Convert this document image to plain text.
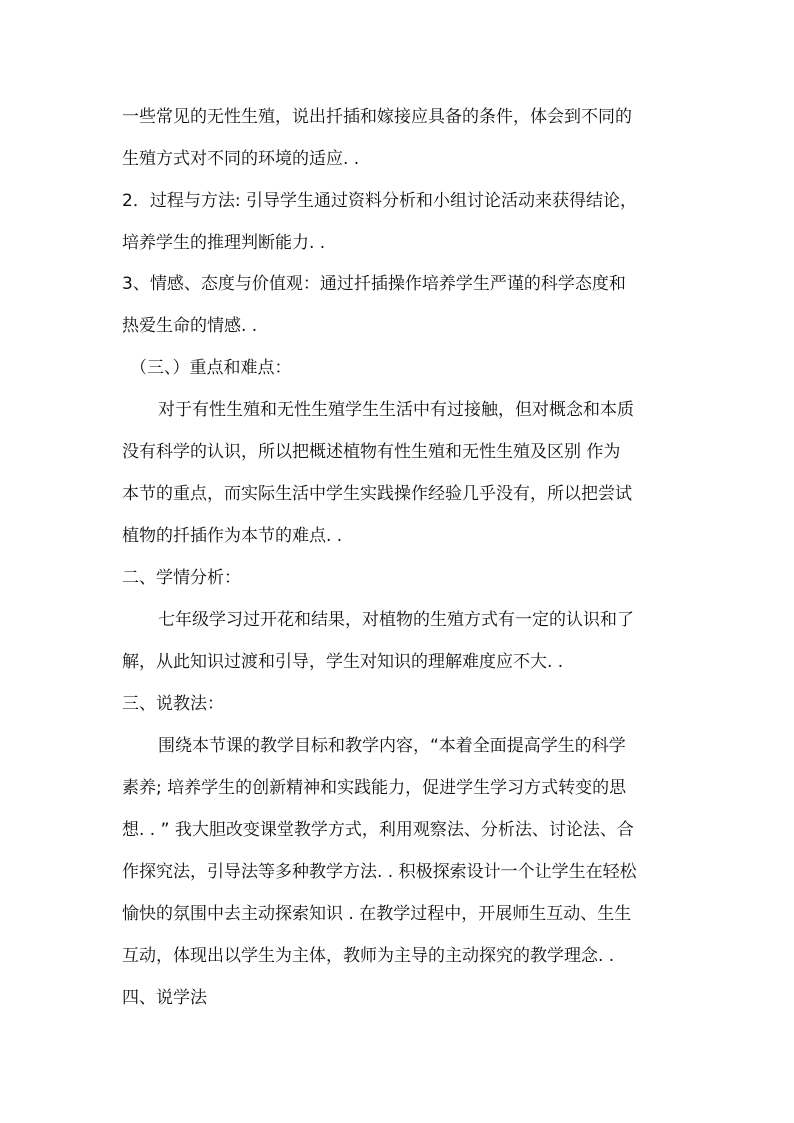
一些常见的无性生殖，说出扦插和嫁接应具备的条件，体会到不同的
生殖方式对不同的环境的适应. .
2．过程与方法: 引导学生通过资料分析和小组讨论活动来获得结论，
培养学生的推理判断能力. .
3、情感、态度与价值观：通过扦插操作培养学生严谨的科学态度和
热爱生命的情感. .
（三、）重点和难点：
对于有性生殖和无性生殖学生生活中有过接触，但对概念和本质
没有科学的认识，所以把概述植物有性生殖和无性生殖及区别 作为
本节的重点，而实际生活中学生实践操作经验几乎没有，所以把尝试
植物的扦插作为本节的难点. .
二、学情分析：
七年级学习过开花和结果，对植物的生殖方式有一定的认识和了
解，从此知识过渡和引导，学生对知识的理解难度应不大. .
三、说教法：
围绕本节课的教学目标和教学内容，“本着全面提高学生的科学
素养; 培养学生的创新精神和实践能力，促进学生学习方式转变的思
想. . ” 我大胆改变课堂教学方式，利用观察法、分析法、讨论法、合
作探究法，引导法等多种教学方法. . 积极探索设计一个让学生在轻松
愉快的氛围中去主动探索知识 . 在教学过程中，开展师生互动、生生
互动，体现出以学生为主体，教师为主导的主动探究的教学理念. .
四、说学法
